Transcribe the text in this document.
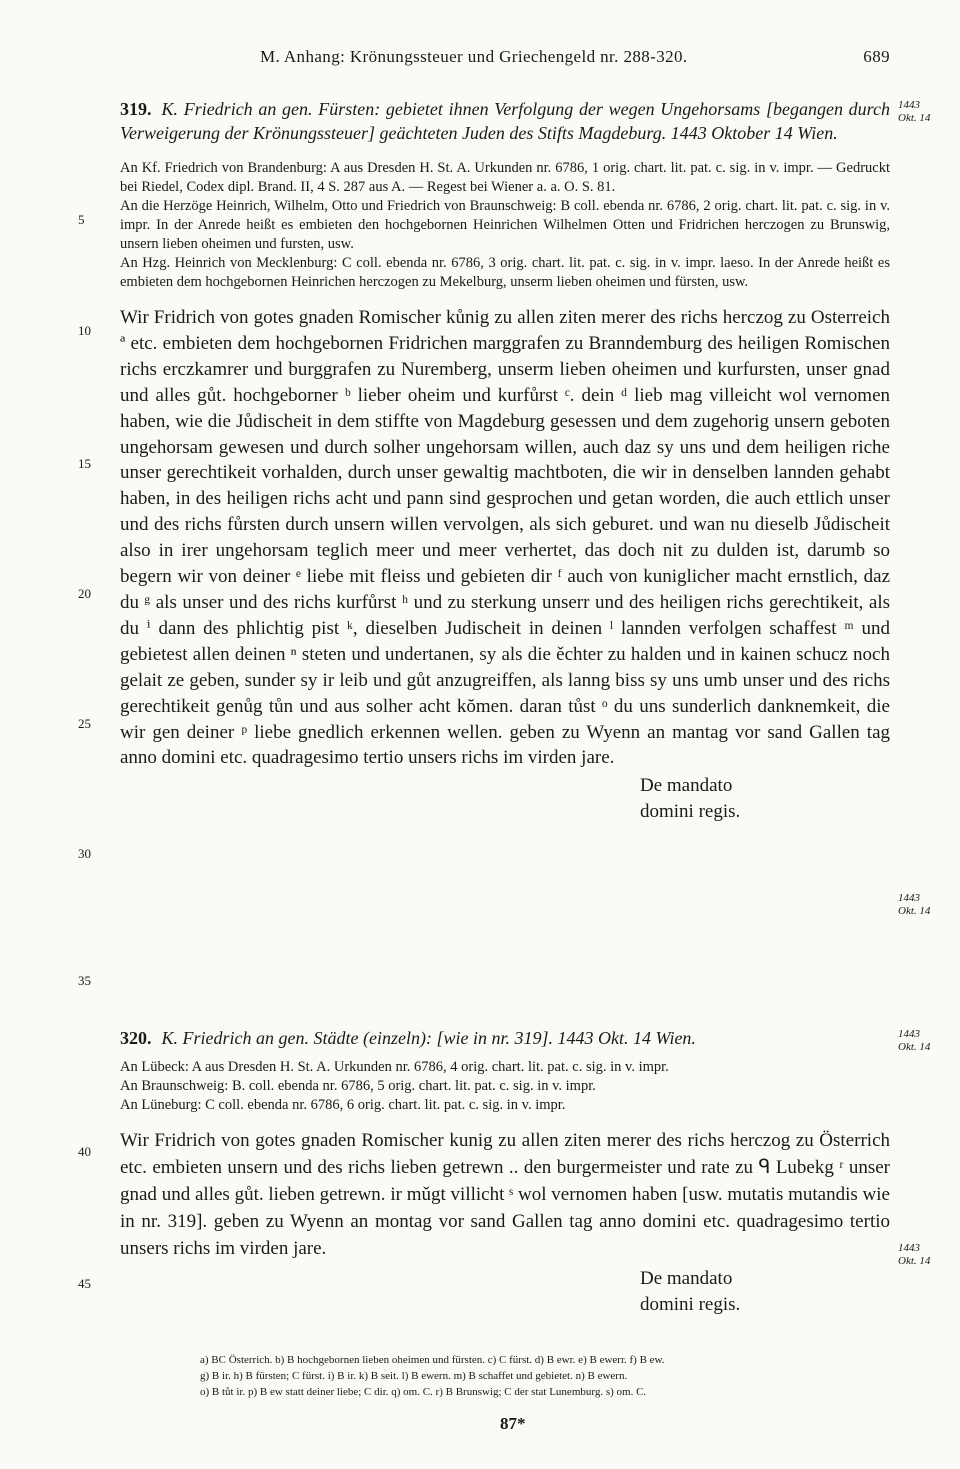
M. Anhang: Krönungssteuer und Griechengeld nr. 288-320.	689
5
10
15
20
25
30
35
40
45
1443
Okt. 14
1443
Okt. 14
1443
Okt. 14
1443
Okt. 14

319. K. Friedrich an gen. Fürsten: gebietet ihnen Verfolgung der wegen Ungehorsams [begangen durch Verweigerung der Krönungssteuer] geächteten Juden des Stifts Magdeburg. 1443 Oktober 14 Wien.

An Kf. Friedrich von Brandenburg: A aus Dresden H. St. A. Urkunden nr. 6786, 1 orig. chart. lit. pat. c. sig. in v. impr. — Gedruckt bei Riedel, Codex dipl. Brand. II, 4 S. 287 aus A. — Regest bei Wiener a. a. O. S. 81.

An die Herzöge Heinrich, Wilhelm, Otto und Friedrich von Braunschweig: B coll. ebenda nr. 6786, 2 orig. chart. lit. pat. c. sig. in v. impr. In der Anrede heißt es embieten den hochgebornen Heinrichen Wilhelmen Otten und Fridrichen herczogen zu Brunswig, unsern lieben oheimen und fursten, usw.

An Hzg. Heinrich von Mecklenburg: C coll. ebenda nr. 6786, 3 orig. chart. lit. pat. c. sig. in v. impr. laeso. In der Anrede heißt es embieten dem hochgebornen Heinrichen herczogen zu Mekelburg, unserm lieben oheimen und fürsten, usw.

Wir Fridrich von gotes gnaden Romischer kůnig zu allen ziten merer des richs herczog zu Osterreich ª etc. embieten dem hochgebornen Fridrichen marggrafen zu Branndemburg des heiligen Romischen richs erczkamrer und burggrafen zu Nuremberg, unserm lieben oheimen und kurfursten, unser gnad und alles gůt. hochgeborner ᵇ lieber oheim und kurfůrst ᶜ. dein ᵈ lieb mag villeicht wol vernomen haben, wie die Jůdischeit in dem stiffte von Magdeburg gesessen und dem zugehorig unsern geboten ungehorsam gewesen und durch solher ungehorsam willen, auch daz sy uns und dem heiligen riche unser gerechtikeit vorhalden, durch unser gewaltig machtboten, die wir in denselben lannden gehabt haben, in des heiligen richs acht und pann sind gesprochen und getan worden, die auch ettlich unser und des richs fůrsten durch unsern willen vervolgen, als sich geburet. und wan nu dieselb Jůdischeit also in irer ungehorsam teglich meer und meer verhertet, das doch nit zu dulden ist, darumb so begern wir von deiner ᵉ liebe mit fleiss und gebieten dir ᶠ auch von kuniglicher macht ernstlich, daz du ᵍ als unser und des richs kurfůrst ʰ und zu sterkung unserr und des heiligen richs gerechtikeit, als du ⁱ dann des phlichtig pist ᵏ, dieselben Judischeit in deinen ˡ lannden verfolgen schaffest ᵐ und gebietest allen deinen ⁿ steten und undertanen, sy als die ěchter zu halden und in kainen schucz noch gelait ze geben, sunder sy ir leib und gůt anzugreiffen, als lanng biss sy uns umb unser und des richs gerechtikeit genůg tůn und aus solher acht kŏmen. daran tůst ᵒ du uns sunderlich danknemkeit, die wir gen deiner ᵖ liebe gnedlich erkennen wellen. geben zu Wyenn an mantag vor sand Gallen tag anno domini etc. quadragesimo tertio unsers richs im virden jare.

De mandato

domini regis.

320. K. Friedrich an gen. Städte (einzeln): [wie in nr. 319]. 1443 Okt. 14 Wien.

An Lübeck: A aus Dresden H. St. A. Urkunden nr. 6786, 4 orig. chart. lit. pat. c. sig. in v. impr.

An Braunschweig: B. coll. ebenda nr. 6786, 5 orig. chart. lit. pat. c. sig. in v. impr.

An Lüneburg: C coll. ebenda nr. 6786, 6 orig. chart. lit. pat. c. sig. in v. impr.

Wir Fridrich von gotes gnaden Romischer kunig zu allen ziten merer des richs herczog zu Österrich etc. embieten unsern und des richs lieben getrewn .. den burgermeister und rate zu ᑫ Lubekg ʳ unser gnad und alles gůt. lieben getrewn. ir mǔgt villicht ˢ wol vernomen haben [usw. mutatis mutandis wie in nr. 319]. geben zu Wyenn an montag vor sand Gallen tag anno domini etc. quadragesimo tertio unsers richs im virden jare.

De mandato

domini regis.

a) BC Österrich. b) B hochgebornen lieben oheimen und fürsten. c) C fürst. d) B ewr. e) B ewerr. f) B ew.
g) B ir. h) B fürsten; C fürst. i) B ir. k) B seit. l) B ewern. m) B schaffet und gebietet. n) B ewern.
o) B tůt ir. p) B ew statt deiner liebe; C dir. q) om. C. r) B Brunswig; C der stat Lunemburg. s) om. C.
87*
